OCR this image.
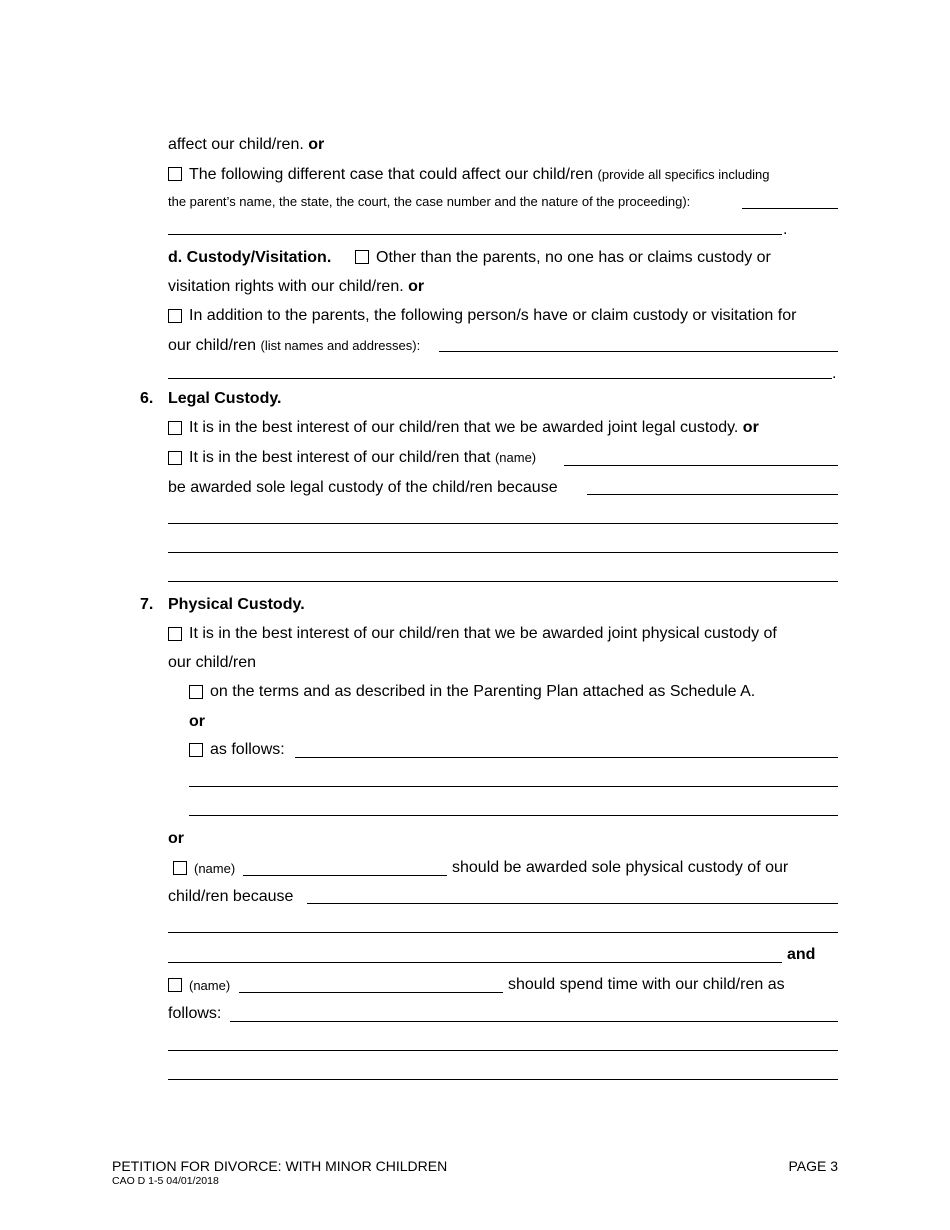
affect our child/ren. or
The following different case that could affect our child/ren (provide all specifics including
the parent’s name, the state, the court, the case number and the nature of the proceeding):
.
d. Custody/Visitation.	Other than the parents, no one has or claims custody or
visitation rights with our child/ren. or
In addition to the parents, the following person/s have or claim custody or visitation for
our child/ren (list names and addresses):
.
6. Legal Custody.
It is in the best interest of our child/ren that we be awarded joint legal custody. or
It is in the best interest of our child/ren that (name)
be awarded sole legal custody of the child/ren because
7. Physical Custody.
It is in the best interest of our child/ren that we be awarded joint physical custody of
our child/ren
on the terms and as described in the Parenting Plan attached as Schedule A.
or
as follows:
or
(name)	should be awarded sole physical custody of our
child/ren because
and
(name)	should spend time with our child/ren as
follows:
PETITION FOR DIVORCE: WITH MINOR CHILDREN
CAO D 1-5 04/01/2018
PAGE 3
